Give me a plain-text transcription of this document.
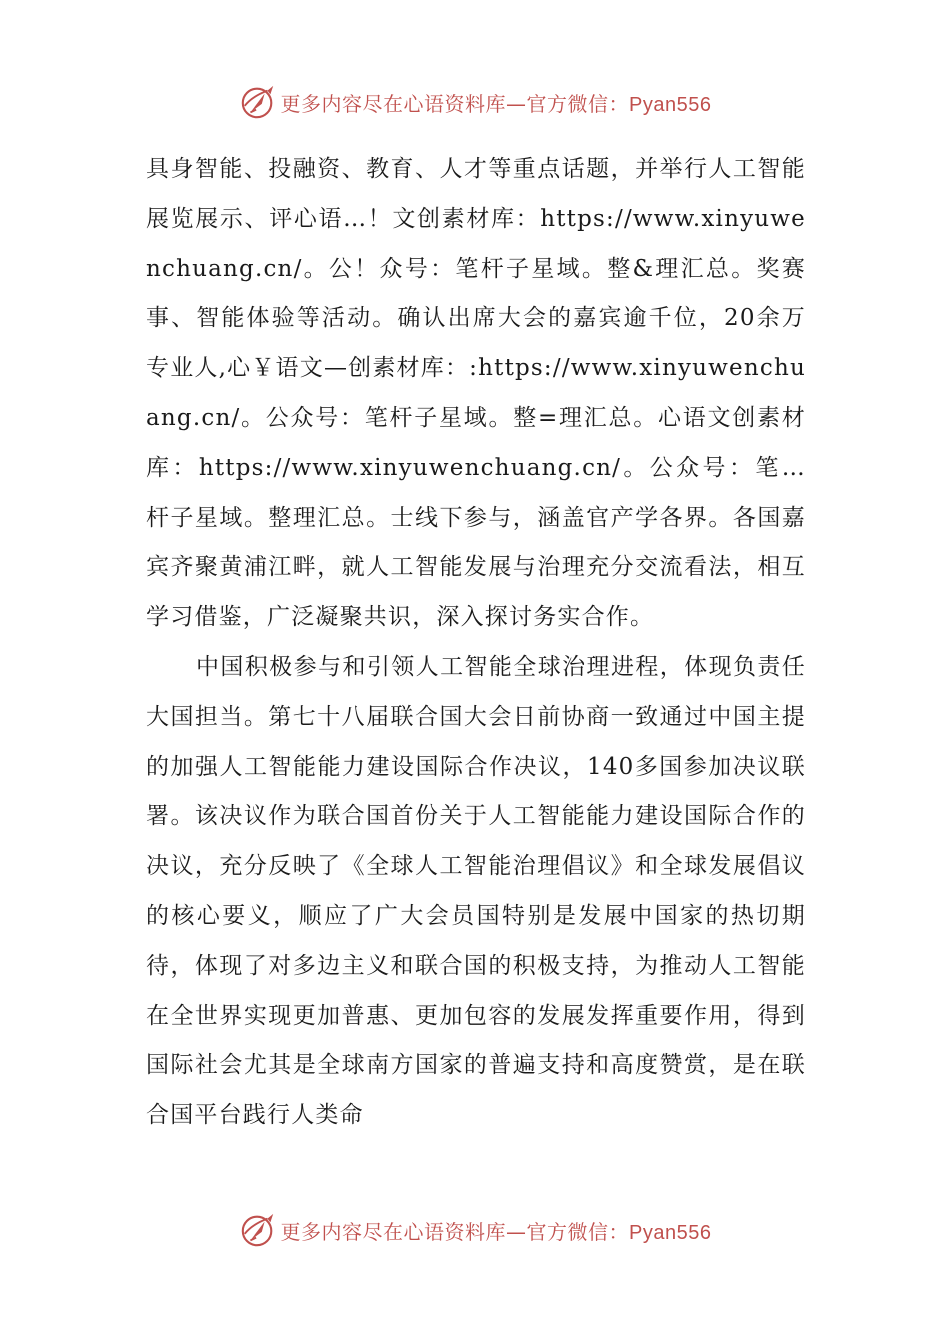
更多内容尽在心语资料库—官方微信：Pyan556

具身智能、投融资、教育、人才等重点话题，并举行人工智能展览展示、评心语…！文创素材库：https://www.xinyuwenchuang.cn/。公！众号：笔杆子星域。整&理汇总。奖赛事、智能体验等活动。确认出席大会的嘉宾逾千位，20余万专业人,心￥语文—创素材库：:https://www.xinyuwenchuang.cn/。公众号：笔杆子星域。整=理汇总。心语文创素材库：https://www.xinyuwenchuang.cn/。公众号：笔…杆子星域。整理汇总。士线下参与，涵盖官产学各界。各国嘉宾齐聚黄浦江畔，就人工智能发展与治理充分交流看法，相互学习借鉴，广泛凝聚共识，深入探讨务实合作。

中国积极参与和引领人工智能全球治理进程，体现负责任大国担当。第七十八届联合国大会日前协商一致通过中国主提的加强人工智能能力建设国际合作决议，140多国参加决议联署。该决议作为联合国首份关于人工智能能力建设国际合作的决议，充分反映了《全球人工智能治理倡议》和全球发展倡议的核心要义，顺应了广大会员国特别是发展中国家的热切期待，体现了对多边主义和联合国的积极支持，为推动人工智能在全世界实现更加普惠、更加包容的发展发挥重要作用，得到国际社会尤其是全球南方国家的普遍支持和高度赞赏，是在联合国平台践行人类命

更多内容尽在心语资料库—官方微信：Pyan556
